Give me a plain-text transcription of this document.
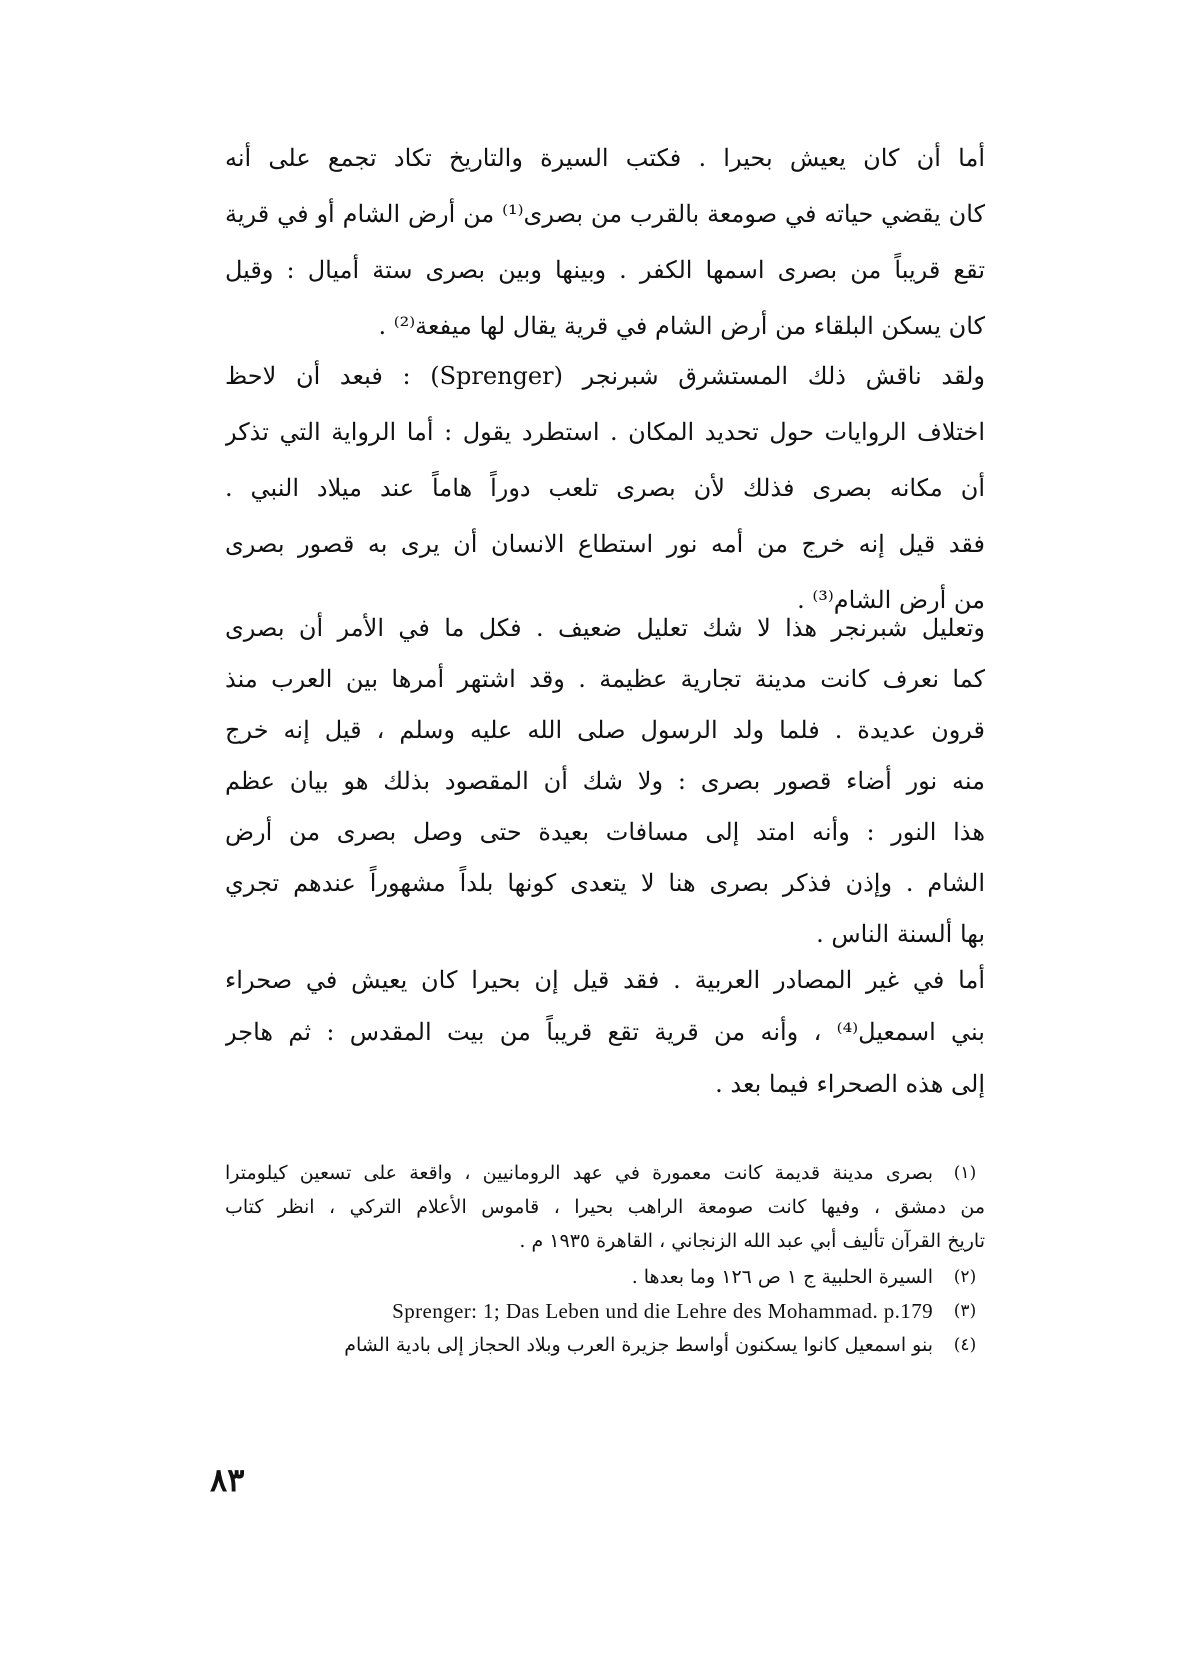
أما أن كان يعيش بحيرا . فكتب السيرة والتاريخ تكاد تجمع على أنه
كان يقضي حياته في صومعة بالقرب من بصرى⁽¹⁾ من أرض الشام أو في قرية
تقع قريباً من بصرى اسمها الكفر . وبينها وبين بصرى ستة أميال : وقيل
كان يسكن البلقاء من أرض الشام في قرية يقال لها ميفعة⁽²⁾ .
ولقد ناقش ذلك المستشرق شبرنجر (Sprenger) : فبعد أن لاحظ
اختلاف الروايات حول تحديد المكان . استطرد يقول : أما الرواية التي تذكر
أن مكانه بصرى فذلك لأن بصرى تلعب دوراً هاماً عند ميلاد النبي .
فقد قيل إنه خرج من أمه نور استطاع الانسان أن يرى به قصور بصرى
من أرض الشام⁽³⁾ .
وتعليل شبرنجر هذا لا شك تعليل ضعيف . فكل ما في الأمر أن بصرى
كما نعرف كانت مدينة تجارية عظيمة . وقد اشتهر أمرها بين العرب منذ
قرون عديدة . فلما ولد الرسول صلى الله عليه وسلم ، قيل إنه خرج
منه نور أضاء قصور بصرى : ولا شك أن المقصود بذلك هو بيان عظم
هذا النور : وأنه امتد إلى مسافات بعيدة حتى وصل بصرى من أرض
الشام . وإذن فذكر بصرى هنا لا يتعدى كونها بلداً مشهوراً عندهم تجري
بها ألسنة الناس .
أما في غير المصادر العربية . فقد قيل إن بحيرا كان يعيش في صحراء
بني اسمعيل⁽⁴⁾ ، وأنه من قرية تقع قريباً من بيت المقدس : ثم هاجر
إلى هذه الصحراء فيما بعد .
(١)
بصرى مدينة قديمة كانت معمورة في عهد الرومانيين ، واقعة على تسعين كيلومترا
من دمشق ، وفيها كانت صومعة الراهب بحيرا ، قاموس الأعلام التركي ، انظر كتاب
تاريخ القرآن تأليف أبي عبد الله الزنجاني ، القاهرة ١٩٣٥ م .
(٢)
السيرة الحلبية ج ١ ص ١٢٦ وما بعدها .
(٣)
Sprenger: 1; Das Leben und die Lehre des Mohammad. p.179
(٤)
بنو اسمعيل كانوا يسكنون أواسط جزيرة العرب وبلاد الحجاز إلى بادية الشام
٨٣
